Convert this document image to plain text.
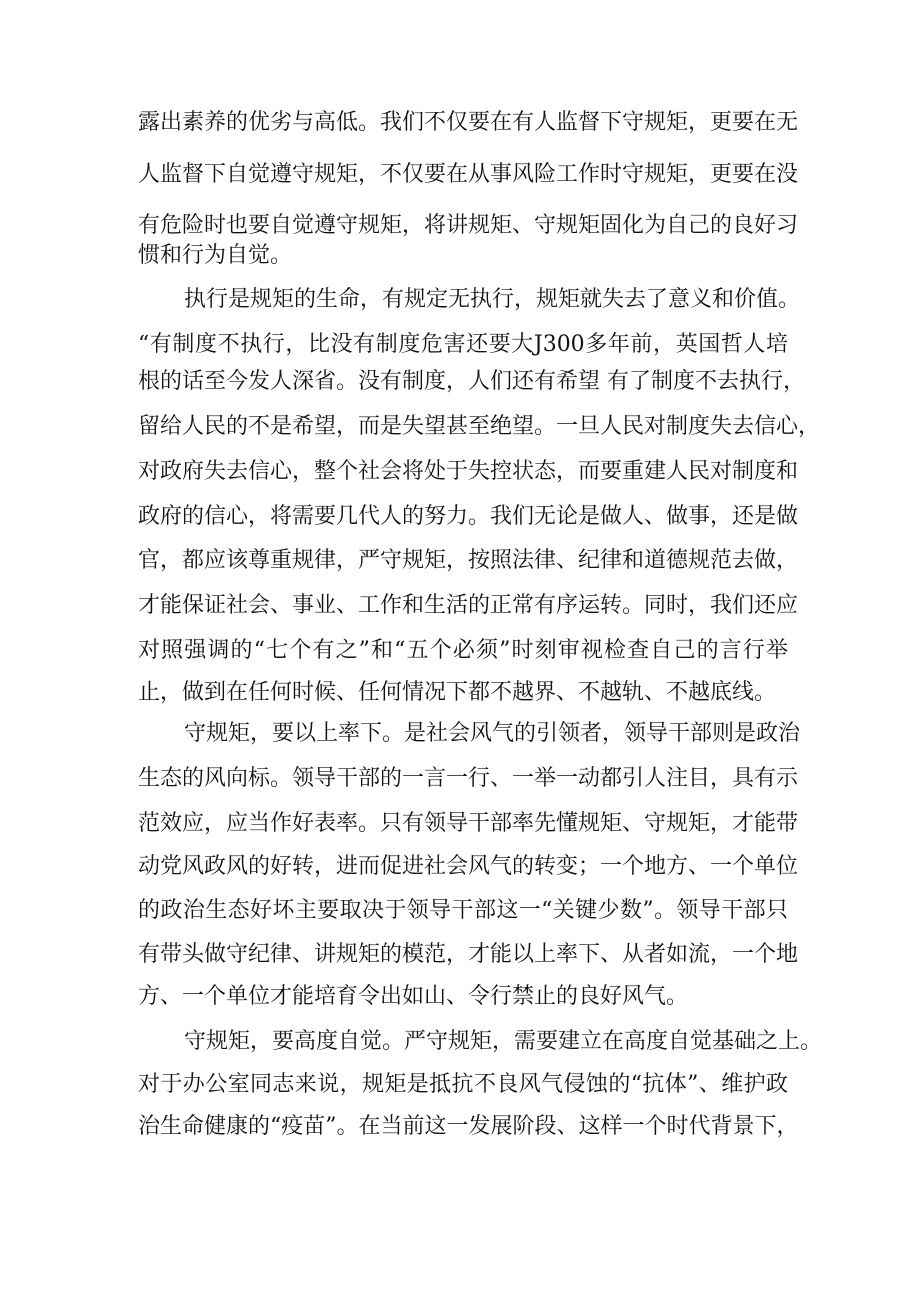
露出素养的优劣与高低。我们不仅要在有人监督下守规矩，更要在无
人监督下自觉遵守规矩，不仅要在从事风险工作时守规矩，更要在没
有危险时也要自觉遵守规矩，将讲规矩、守规矩固化为自己的良好习
惯和行为自觉。
执行是规矩的生命，有规定无执行，规矩就失去了意义和价值。
“有制度不执行，比没有制度危害还要大J300多年前，英国哲人培
根的话至今发人深省。没有制度，人们还有希望 有了制度不去执行，
留给人民的不是希望，而是失望甚至绝望。一旦人民对制度失去信心，
对政府失去信心，整个社会将处于失控状态，而要重建人民对制度和
政府的信心，将需要几代人的努力。我们无论是做人、做事，还是做
官，都应该尊重规律，严守规矩，按照法律、纪律和道德规范去做，
才能保证社会、事业、工作和生活的正常有序运转。同时，我们还应
对照强调的“七个有之”和“五个必须”时刻审视检查自己的言行举
止，做到在任何时候、任何情况下都不越界、不越轨、不越底线。
守规矩，要以上率下。是社会风气的引领者，领导干部则是政治
生态的风向标。领导干部的一言一行、一举一动都引人注目，具有示
范效应，应当作好表率。只有领导干部率先懂规矩、守规矩，才能带
动党风政风的好转，进而促进社会风气的转变；一个地方、一个单位
的政治生态好坏主要取决于领导干部这一“关键少数”。领导干部只
有带头做守纪律、讲规矩的模范，才能以上率下、从者如流，一个地
方、一个单位才能培育令出如山、令行禁止的良好风气。
守规矩，要高度自觉。严守规矩，需要建立在高度自觉基础之上。
对于办公室同志来说，规矩是抵抗不良风气侵蚀的“抗体”、维护政
治生命健康的“疫苗”。在当前这一发展阶段、这样一个时代背景下，
